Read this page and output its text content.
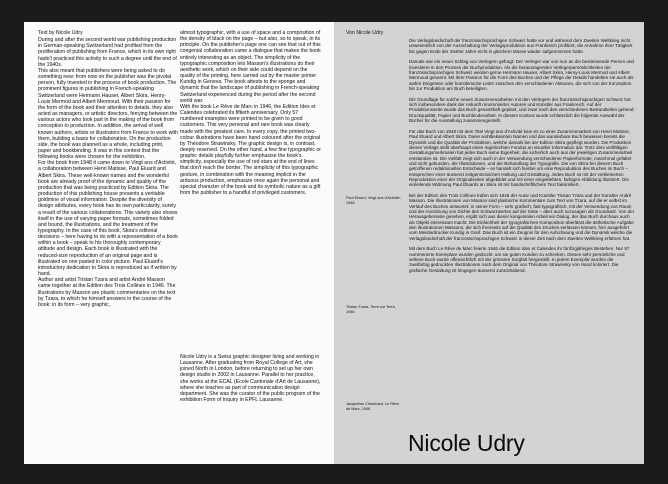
Text by Nicole Udry

During and after the second world war publishing production in German-speaking Switzerland had profited from the proliferation of publishing from France, which in its own right hadn't practiced this activity to such a degree until the end of the 1940s.

This also meant that publishers were being asked to do something new: from now on the publisher was the pivotal person, fully invested in the process of book production. The prominent figures in publishing in French-speaking Switzerland were Hermann Hauser, Albert Skira, Henry-Louis Mermod and Albert Mermoud. With their passion for the form of the book and their attention to details, they also acted as managers, or artistic directors, ferrying between the various actors who took part in the making of the book from conception to production. In addition, the arrival of well known authors, artists or illustrators from France to work with them, building a basis for collaboration. On the production side, the book was planned as a whole, including print, paper and bookbinding. It was in this context that the following books were chosen for the exhibition.

For the book from 1948 it came down to Vingt ans d'Activité, a collaboration between Henri Matisse, Paul Eluard and Albert Skira. These well-known names and the wonderful book are already proof of the dynamic and quality of the production that was being practiced by Edition Skira. The production of this publishing house presents a veritable goldmine of visual information. Despite the diversity of design attributes, every book has its own particularity, surely a result of the various collaborations. This variety also shows itself in the use of varying paper formats, sometimes folded and bound, the illustrations, and the treatment of the typography. In the case of this book, Skira's editorial decisions – here having to do with a representation of a book within a book – speak to his thoroughly contemporary attitude and design. Each book is illustrated with the reduced-size reproduction of an original page and is illustrated on one pasted in color picture. Paul Eluard's introductory dedication to Skira is reproduced as if written by hand.

Author and artist Tristan Tzara and artist André Masson came together at the Edition des Trois Collines in 1946. The illustrations by Masson are plastic commentaries on the text by Tzara, to which he himself answers in the course of the book: in its form – very graphic,

almost typographic, with a use of space and a composition of the density of black on the page – but also, so to speak, in its principle. On the publisher's page one can see that out of this congenial collaboration came a dialogue that makes the book entirely interesting as an object. The simplicity of the typographic composition lets Masson's illustrations do their aesthetic work, which on their side could depend on the quality of the printing, here carried out by the master printer Kundig in Geneva. The book attests to the sponge and dynamic that the landscape of publishing in French-speaking Switzerland experienced during the period after the second world war.

With the book Le Rêve de Marc in 1946, the Edition Ides et Calendes celebrated its fiftieth anniversary. Only 57 numbered examples were printed to be given to good customers. This very personal and rare book was clearly made with the greatest care. In every copy, the printed two-colour illustrations have been hand coloured after the original by Théodore Strawinsky. The graphic design is, in contrast, deeply reserved. On the other hand, a few fine typographic or graphic details playfully further emphasise the book's simplicity, especially the use of red stars at the end of lines that don't reach the border. The simplicity of this typographic gesture, in combination with the meaning implicit in the arduous production, emphasize once again the personal and special character of the book and its symbolic nature as a gift from the publisher to a handful of privileged customers.

Nicole Udry is a Swiss graphic designer living and working in Lausanne. After graduating from Royal College of Art, she joined North in London, before returning to set up her own design studio in 2002 in Lausanne. Parallel to her practice, she works at the ECAL (Ecole Cantonale d'Art de Lausanne), where she teaches as part of communication design department. She was the curator of the public program of the exhibition Form of Inquiry in EPFL Lausanne.

Von Nicole Udry
Paul Eluard, Vingt ans d'Activité, 1948
Tristan Tzara, Terre sur Terre, 1946
Jacqueline Chambard, Le Rêve de Marc, 1946

Die Verlagslandschaft der französischsprachigen Schweiz hatte vor und während dem Zweiten Weltkrieg nicht unwesentlich von der Ausschaltung der Verlagsproduktion aus Frankreich profitiert, die Annahme ihrer Tätigkeit bis gegen Ende der 1940er Jahre nicht in gleichem Masse wieder aufgenommen hatte.

Damals war ein neuer Schlag von Verlegern gefragt: Der Verleger war von nun an die bestimmende Person und investierte in den Prozess der Buchproduktion. Als die herausragenden Verlegerpersönlichkeiten der französischsprachigen Schweiz werden gerne Hermann Hauser, Albert Skira, Henry-Louis Mermod und Albert Mermoud genannt. Mit ihrer Passion für die Form des Buches und der Pflege der Details handelten sie auch als wahre Dirigenten oder künstlerische Leiter zwischen den verschiedenen Akteuren, die sich von der Konzeption bis zur Produktion am Buch beteiligten.

Die Grundlage für solche neuen Zusammenarbeiten mit den Verlegern der französischsprachigen Schweiz bot sich insbesondere dank der Ankunft renommierter Autoren und Künstler aus Frankreich. Auf der Produktionsseite wurde das Buch gesamthaft geplant, und zwar nach den verschiedenen Bestandteilen gehend: Druckqualität, Papier und Buchbinderarbeit. In diesem Kontext wurde schliesslich die folgende Auswahl der Bücher für die Ausstellung zusammengestellt.

Für das Buch von 1948 mit dem Titel Vingt ans d'Activité kam es zu einer Zusammenarbeit von Henri Matisse, Paul Eluard und Albert Skira. Diese wohlbekannten Namen und das wunderbare Buch beweisen bereits die Dynamik und die Qualität der Produktion, welche damals bei der Edition Skira gepflegt wurden. Die Produktion dieses Verlags stellt überhaupt einen regelrechten Fundus an visueller Information dar. Trotz dem vielfältigen Gestaltungsmerkmalen hat jedes Buch seine Eigenheit, die sicherlich auch aus der jeweiligen Zusammenarbeit entstanden ist. Die Vielfalt zeigt sich auch in der Verwendung verschiedener Papierformate, manchmal gefaltet und nicht gebunden, der Illustrationen, und der Behandlung der Typografie. Die von Skira bei diesem Buch getroffenen redaktionellen Entscheide – es handelt sich hierbei um eine Reproduktion des Buches im Buch – entsprechen einer äusserst zeitgenössischen Haltung und Gestaltung. Jedes Buch ist mit der verkleinerten Reproduktion einer der Originalseiten abgebildet und mit einer eingeklebten, farbigen Abbildung illustriert. Die einleitende Widmung Paul Eluards an Skira ist mit handschriftlichem Text faksimiliert.

Bei der Edition des Trois Collines trafen sich 1946 der Autor und Künstler Tristan Tzara und der Künstler André Masson. Die Illustrationen von Masson sind plastische Kommentare zum Text von Tzara, auf die er selbst im Verlauf des Buches antwortet: in seiner Form – sehr grafisch, fast typografisch, mit der Verwendung von Raum und der Anordnung von Dichte des Schwarzwertes auf der Seite – aber auch sozusagen als Grundsatz. Von der Herausgeberseite gesehen, ergibt sich aus dieser kongenialen Arbeit ein Dialog, der das Buch durchaus auch als Objekt interessant macht. Die Einfachheit der typografischen Komposition überlässt die ästhetische Aufgabe den Illustrationen Massons, die sich ihrerseits auf die Qualität des Druckes verlassen können, hier ausgeführt vom Meisterdrucker Kundig in Genf. Das Buch ist ein Zeugnis für den Aufschwung und die Dynamik welche die Verlagslandschaft der französischsprachigen Schweiz in dieser Zeit nach dem Zweiten Weltkrieg erfahren hat.

Mit dem Buch Le Rêve de Marc feierte 1946 die Edition Ides et Calendes ihr fünfzigjähriges Bestehen. Nur 57 nummerierte Exemplare wurden gedruckt, um sie guten Kunden zu schenken. Dieses sehr persönliche und seltene Buch wurde offensichtlich mit der grössten Sorgfalt hergestellt. In jedem Exemplar wurden die zweifarbig gedruckten Illustrationen nach dem Original von Théodore Strawinsky von Hand koloriert. Die grafische Gestaltung ist hingegen äusserst zurückhaltend.

Nicole Udry
